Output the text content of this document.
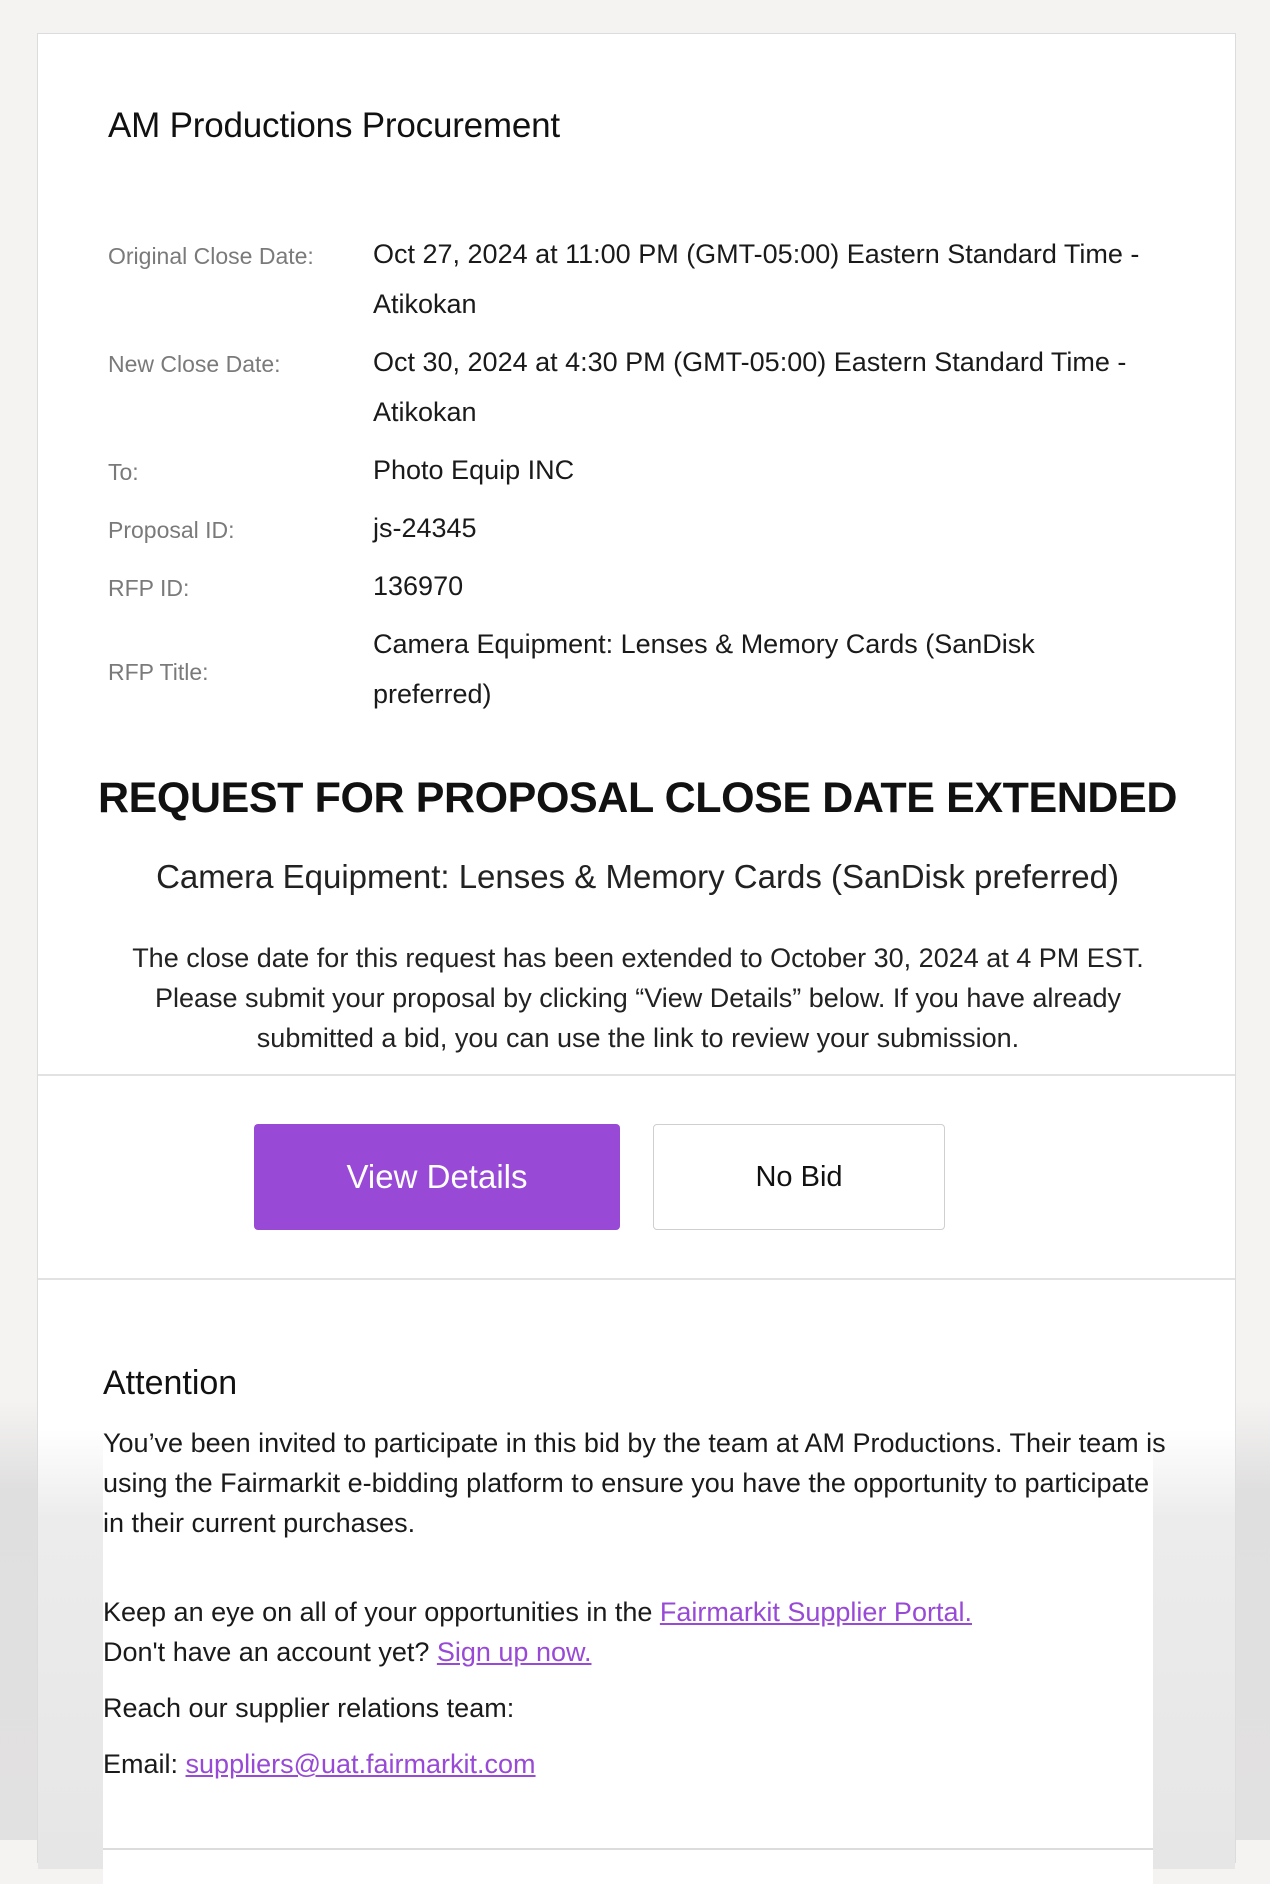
AM Productions Procurement
Original Close Date: Oct 27, 2024 at 11:00 PM (GMT-05:00) Eastern Standard Time - Atikokan
New Close Date:	Oct 30, 2024 at 4:30 PM (GMT-05:00) Eastern Standard Time - Atikokan
To:	Photo Equip INC
Proposal ID:	js-24345
RFP ID:	136970
RFP Title:
Camera Equipment: Lenses & Memory Cards (SanDisk preferred)
REQUEST FOR PROPOSAL CLOSE DATE EXTENDED
Camera Equipment: Lenses & Memory Cards (SanDisk preferred)
The close date for this request has been extended to October 30, 2024 at 4 PM EST. Please submit your proposal by clicking “View Details” below. If you have already submitted a bid, you can use the link to review your submission.
View Details	No Bid
Attention
You’ve been invited to participate in this bid by the team at AM Productions. Their team is using the Fairmarkit e-bidding platform to ensure you have the opportunity to participate in their current purchases.
Keep an eye on all of your opportunities in the Fairmarkit Supplier Portal.
Don't have an account yet? Sign up now.
Reach our supplier relations team:
Email: suppliers@uat.fairmarkit.com
